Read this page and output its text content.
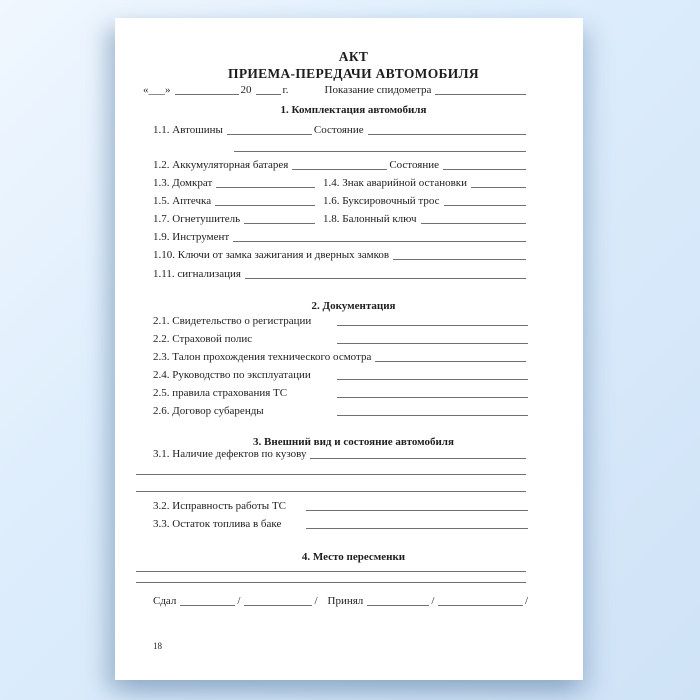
АКТ
ПРИЕМА-ПЕРЕДАЧИ АВТОМОБИЛЯ
«___»	20	г.	Показание спидометра
1. Комплектация автомобиля
1.1. Автошины	Состояние
1.2. Аккумуляторная батарея	Состояние
1.3. Домкрат	1.4. Знак аварийной остановки
1.5. Аптечка	1.6. Буксировочный трос
1.7. Огнетушитель	1.8. Балонный ключ
1.9. Инструмент
1.10. Ключи от замка зажигания и дверных замков
1.11. сигнализация
2. Документация
2.1. Свидетельство о регистрации
2.2. Страховой полис
2.3. Талон прохождения технического осмотра
2.4. Руководство по эксплуатации
2.5. правила страхования ТС
2.6. Договор субаренды
3. Внешний вид и состояние автомобиля
3.1. Наличие дефектов по кузову
3.2. Исправность работы ТС
3.3. Остаток топлива в баке
4. Место пересменки
Сдал	/	/ Принял	/	/
18
